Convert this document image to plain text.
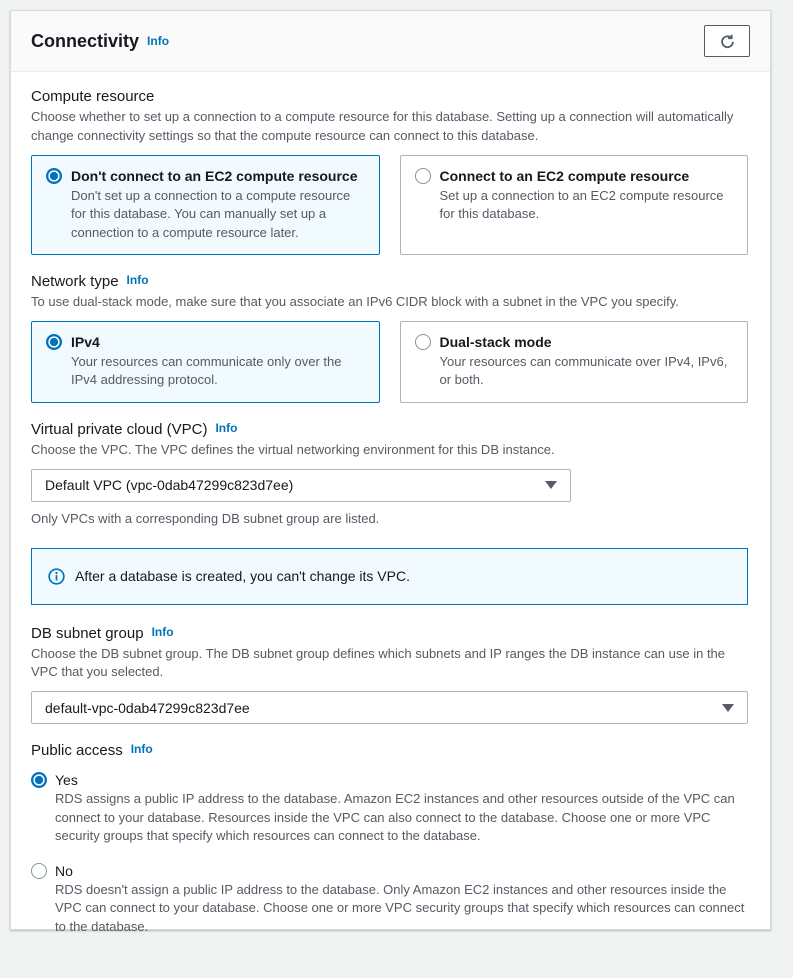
Connectivity Info
Compute resource
Choose whether to set up a connection to a compute resource for this database. Setting up a connection will automatically change connectivity settings so that the compute resource can connect to this database.
Don't connect to an EC2 compute resource
Don't set up a connection to a compute resource for this database. You can manually set up a connection to a compute resource later.
Connect to an EC2 compute resource
Set up a connection to an EC2 compute resource for this database.
Network type Info
To use dual-stack mode, make sure that you associate an IPv6 CIDR block with a subnet in the VPC you specify.
IPv4
Your resources can communicate only over the IPv4 addressing protocol.
Dual-stack mode
Your resources can communicate over IPv4, IPv6, or both.
Virtual private cloud (VPC) Info
Choose the VPC. The VPC defines the virtual networking environment for this DB instance.
Default VPC (vpc-0dab47299c823d7ee)
Only VPCs with a corresponding DB subnet group are listed.
After a database is created, you can't change its VPC.
DB subnet group Info
Choose the DB subnet group. The DB subnet group defines which subnets and IP ranges the DB instance can use in the VPC that you selected.
default-vpc-0dab47299c823d7ee
Public access Info
Yes
RDS assigns a public IP address to the database. Amazon EC2 instances and other resources outside of the VPC can connect to your database. Resources inside the VPC can also connect to the database. Choose one or more VPC security groups that specify which resources can connect to the database.
No
RDS doesn't assign a public IP address to the database. Only Amazon EC2 instances and other resources inside the VPC can connect to your database. Choose one or more VPC security groups that specify which resources can connect to the database.
